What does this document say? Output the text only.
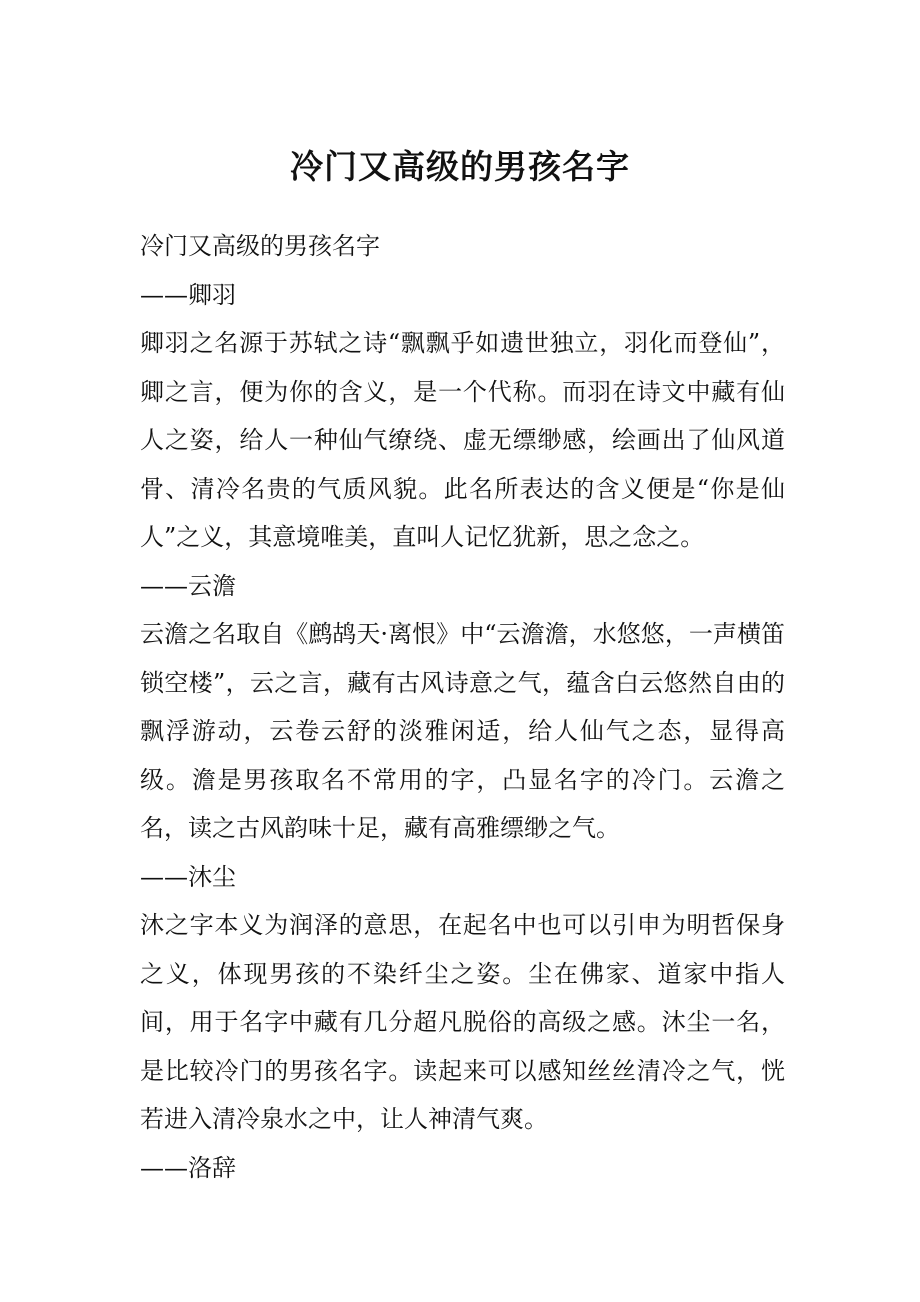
冷门又高级的男孩名字

冷门又高级的男孩名字

——卿羽

卿羽之名源于苏轼之诗“飘飘乎如遗世独立，羽化而登仙”，卿之言，便为你的含义，是一个代称。而羽在诗文中藏有仙人之姿，给人一种仙气缭绕、虚无缥缈感，绘画出了仙风道骨、清冷名贵的气质风貌。此名所表达的含义便是“你是仙人”之义，其意境唯美，直叫人记忆犹新，思之念之。

——云澹

云澹之名取自《鹧鸪天·离恨》中“云澹澹，水悠悠，一声横笛锁空楼”，云之言，藏有古风诗意之气，蕴含白云悠然自由的飘浮游动，云卷云舒的淡雅闲适，给人仙气之态，显得高级。澹是男孩取名不常用的字，凸显名字的冷门。云澹之名，读之古风韵味十足，藏有高雅缥缈之气。

——沐尘

沐之字本义为润泽的意思，在起名中也可以引申为明哲保身之义，体现男孩的不染纤尘之姿。尘在佛家、道家中指人间，用于名字中藏有几分超凡脱俗的高级之感。沐尘一名，是比较冷门的男孩名字。读起来可以感知丝丝清冷之气，恍若进入清冷泉水之中，让人神清气爽。

——洛辞
